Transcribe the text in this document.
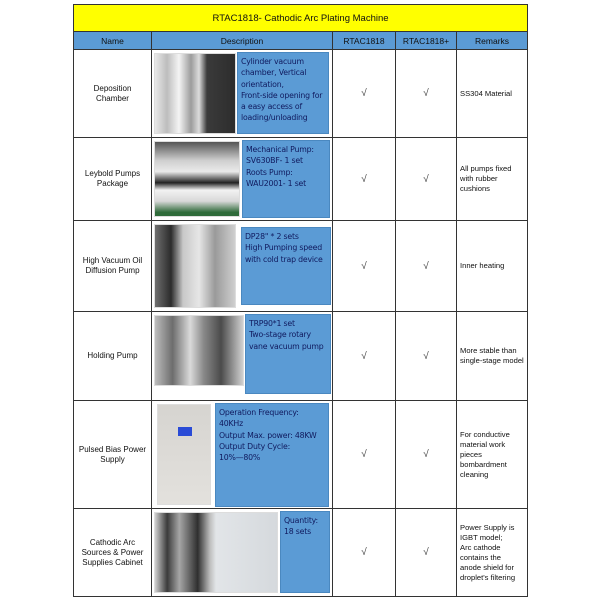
RTAC1818- Cathodic Arc Plating Machine				
Name	Description	RTAC1818	RTAC1818+	Remarks
Deposition Chamber	Cylinder vacuum chamber, Vertical orientation,
Front-side opening for a easy access of loading/unloading	√	√	SS304 Material
Leybold Pumps Package	Mechanical Pump:
SV630BF- 1 set
Roots Pump:
WAU2001- 1 set	√	√	All pumps fixed with rubber cushions
High Vacuum Oil Diffusion Pump	DP28" * 2 sets
High Pumping speed with cold trap device	√	√	Inner heating
Holding Pump	TRP90*1 set
Two-stage rotary vane vacuum pump	√	√	More stable than single-stage model
Pulsed Bias Power Supply	Operation Frequency:
40KHz
Output Max. power: 48KW
Output Duty Cycle:
10%—80%	√	√	For conductive material work pieces bombardment cleaning
Cathodic Arc Sources & Power Supplies Cabinet	Quantity:
18 sets	√	√	Power Supply is IGBT model;
Arc cathode contains the anode shield for droplet's filtering
